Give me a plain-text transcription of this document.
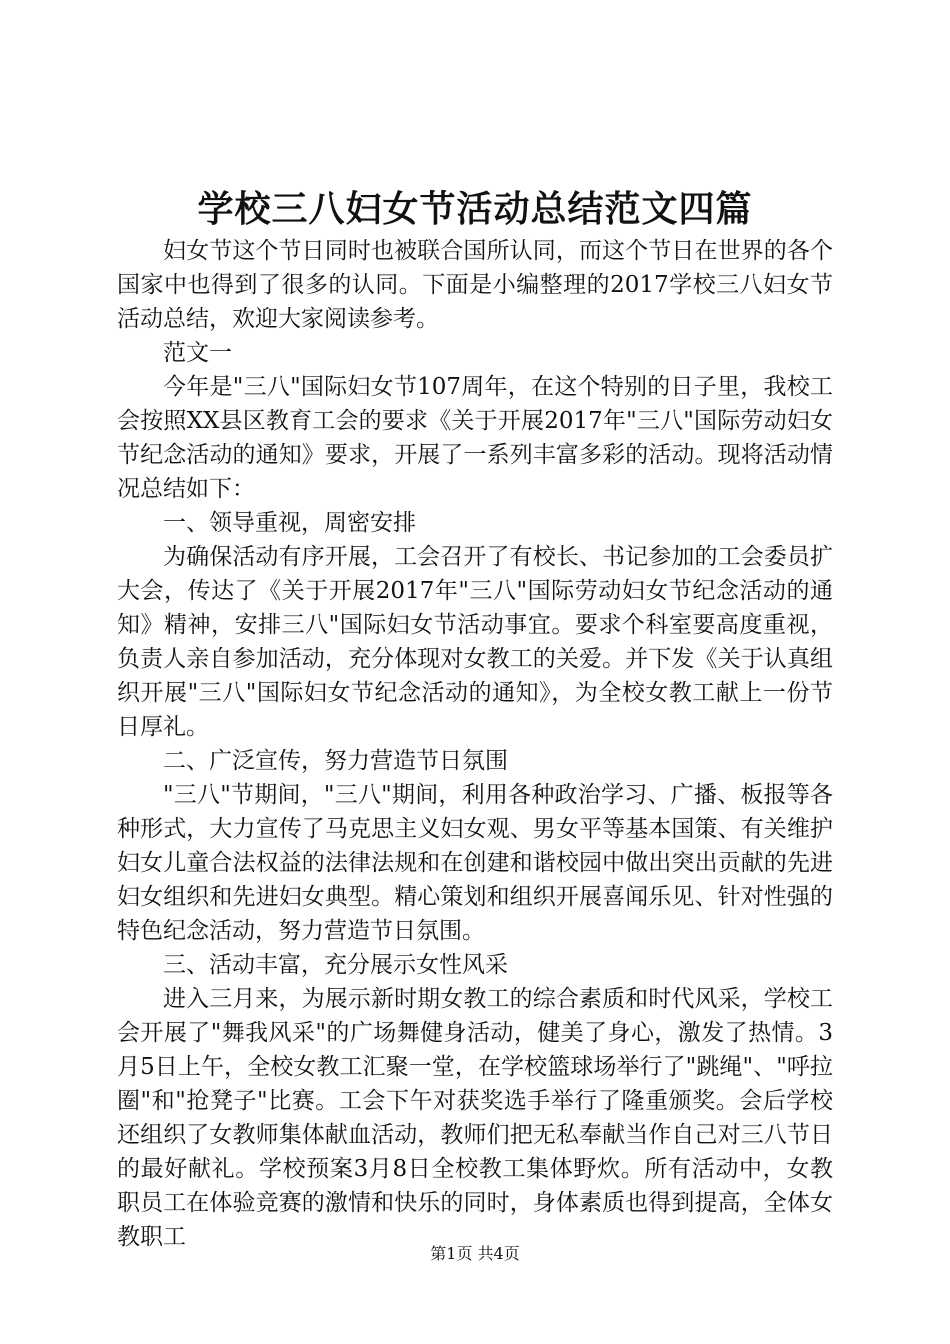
学校三八妇女节活动总结范文四篇

妇女节这个节日同时也被联合国所认同，而这个节日在世界的各个国家中也得到了很多的认同。下面是小编整理的2017学校三八妇女节活动总结，欢迎大家阅读参考。

范文一

今年是"三八"国际妇女节107周年，在这个特别的日子里，我校工会按照XX县区教育工会的要求《关于开展2017年"三八"国际劳动妇女节纪念活动的通知》要求，开展了一系列丰富多彩的活动。现将活动情况总结如下：

一、领导重视，周密安排

为确保活动有序开展，工会召开了有校长、书记参加的工会委员扩大会，传达了《关于开展2017年"三八"国际劳动妇女节纪念活动的通知》精神，安排三八"国际妇女节活动事宜。要求个科室要高度重视，负责人亲自参加活动，充分体现对女教工的关爱。并下发《关于认真组织开展"三八"国际妇女节纪念活动的通知》，为全校女教工献上一份节日厚礼。

二、广泛宣传，努力营造节日氛围

"三八"节期间，"三八"期间，利用各种政治学习、广播、板报等各种形式，大力宣传了马克思主义妇女观、男女平等基本国策、有关维护妇女儿童合法权益的法律法规和在创建和谐校园中做出突出贡献的先进妇女组织和先进妇女典型。精心策划和组织开展喜闻乐见、针对性强的特色纪念活动，努力营造节日氛围。

三、活动丰富，充分展示女性风采

进入三月来，为展示新时期女教工的综合素质和时代风采，学校工会开展了"舞我风采"的广场舞健身活动，健美了身心，激发了热情。3月5日上午，全校女教工汇聚一堂，在学校篮球场举行了"跳绳"、"呼拉圈"和"抢凳子"比赛。工会下午对获奖选手举行了隆重颁奖。会后学校还组织了女教师集体献血活动，教师们把无私奉献当作自己对三八节日的最好献礼。学校预案3月8日全校教工集体野炊。所有活动中，女教职员工在体验竞赛的激情和快乐的同时，身体素质也得到提高，全体女教职工

第1页 共4页
